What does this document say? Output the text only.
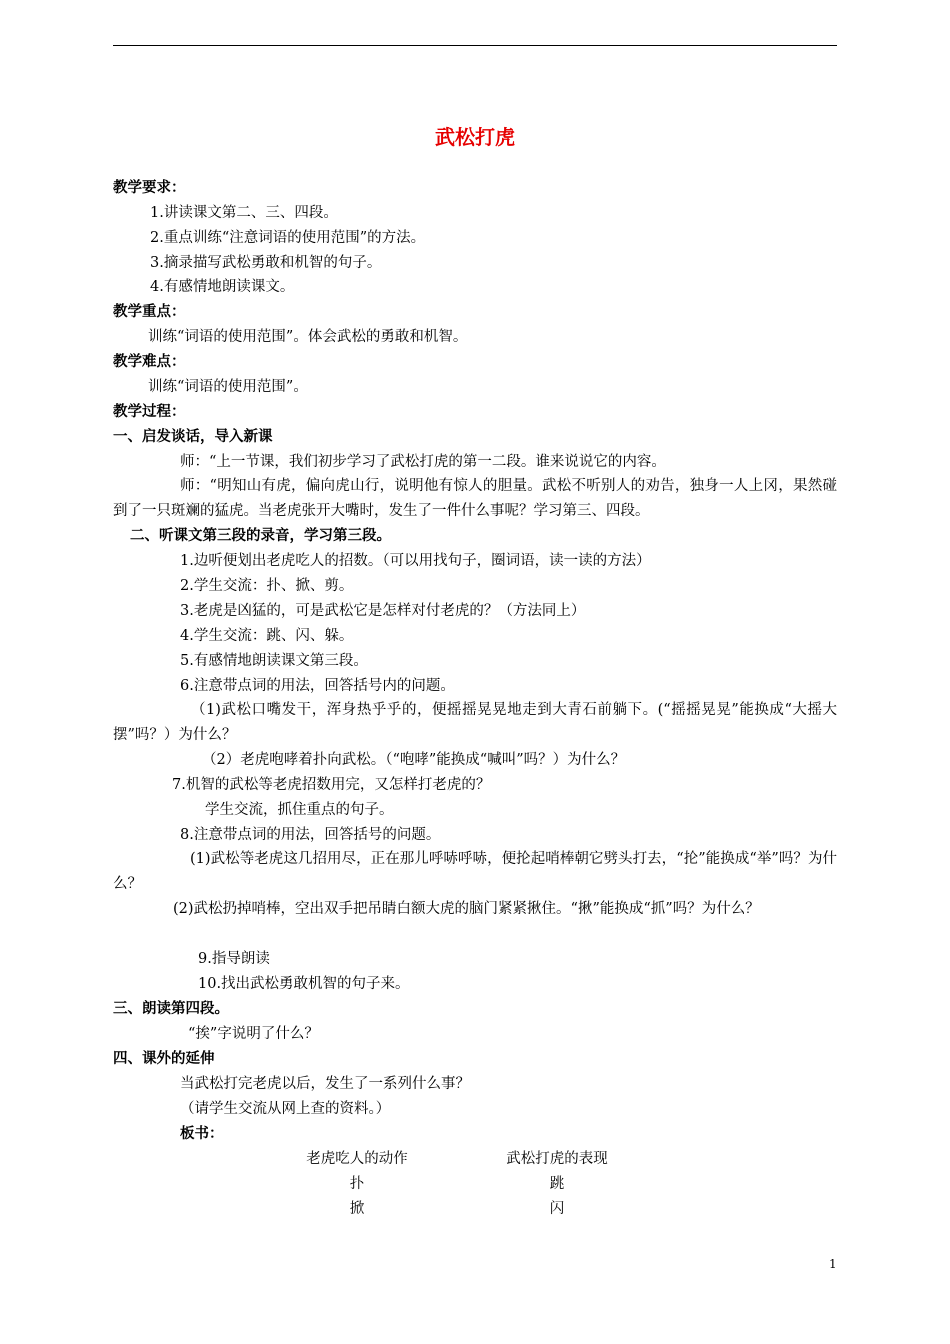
武松打虎
教学要求：
1.讲读课文第二、三、四段。
2.重点训练“注意词语的使用范围”的方法。
3.摘录描写武松勇敢和机智的句子。
4.有感情地朗读课文。
教学重点：
训练“词语的使用范围”。体会武松的勇敢和机智。
教学难点：
训练“词语的使用范围”。
教学过程：
一、启发谈话，导入新课
师：“上一节课，我们初步学习了武松打虎的第一二段。谁来说说它的内容。
师：“明知山有虎，偏向虎山行，说明他有惊人的胆量。武松不听别人的劝告，独身一人上冈，果然碰到了一只斑斓的猛虎。当老虎张开大嘴时，发生了一件什么事呢？学习第三、四段。
二、听课文第三段的录音，学习第三段。
1.边听便划出老虎吃人的招数。（可以用找句子，圈词语，读一读的方法）
2.学生交流：扑、掀、剪。
3.老虎是凶猛的，可是武松它是怎样对付老虎的？（方法同上）
4.学生交流：跳、闪、躲。
5.有感情地朗读课文第三段。
6.注意带点词的用法，回答括号内的问题。
（1)武松口嘴发干，浑身热乎乎的，便摇摇晃晃地走到大青石前躺下。(“摇摇晃晃”能换成“大摇大摆”吗？）为什么？
（2）老虎咆哮着扑向武松。（“咆哮”能换成“喊叫”吗？）为什么？
7.机智的武松等老虎招数用完，又怎样打老虎的？
学生交流，抓住重点的句子。
8.注意带点词的用法，回答括号的问题。
(1)武松等老虎这几招用尽，正在那儿呼哧呼哧，便抡起哨棒朝它劈头打去，“抡”能换成“举”吗？为什么？
(2)武松扔掉哨棒，空出双手把吊睛白额大虎的脑门紧紧揪住。“揪”能换成“抓”吗？为什么？
9.指导朗读
10.找出武松勇敢机智的句子来。
三、朗读第四段。
“挨”字说明了什么？
四、课外的延伸
当武松打完老虎以后，发生了一系列什么事？
（请学生交流从网上查的资料。）
板书：
老虎吃人的动作	武松打虎的表现
扑	跳
掀	闪
1
